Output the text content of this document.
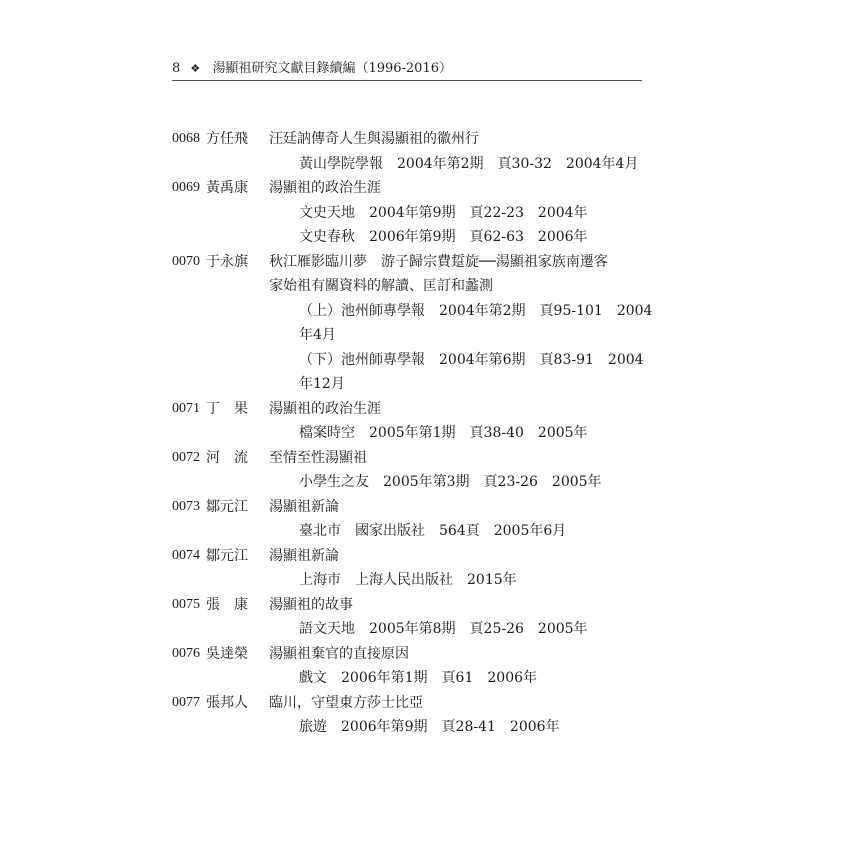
8 ❖ 湯顯祖研究文獻目錄續編（1996-2016）
0068 方任飛	汪廷訥傳奇人生與湯顯祖的徽州行
黃山學院學報 2004年第2期 頁30-32 2004年4月
0069 黃禹康	湯顯祖的政治生涯
文史天地 2004年第9期 頁22-23 2004年
文史春秋 2006年第9期 頁62-63 2006年
0070 于永旗	秋江雁影臨川夢　游子歸宗費踅旋──湯顯祖家族南遷客
家始祖有關資料的解讀、匡訂和蠡測
（上）池州師專學報 2004年第2期 頁95-101 2004
年4月
（下）池州師專學報 2004年第6期 頁83-91 2004
年12月
0071 丁　果	湯顯祖的政治生涯
檔案時空 2005年第1期 頁38-40 2005年
0072 河　流	至情至性湯顯祖
小學生之友 2005年第3期 頁23-26 2005年
0073 鄒元江	湯顯祖新論
臺北市 國家出版社 564頁 2005年6月
0074 鄒元江	湯顯祖新論
上海市 上海人民出版社 2015年
0075 張　康	湯顯祖的故事
語文天地 2005年第8期 頁25-26 2005年
0076 吳達榮	湯顯祖棄官的直接原因
戲文 2006年第1期 頁61 2006年
0077 張邦人	臨川，守望東方莎士比亞
旅遊 2006年第9期 頁28-41 2006年
